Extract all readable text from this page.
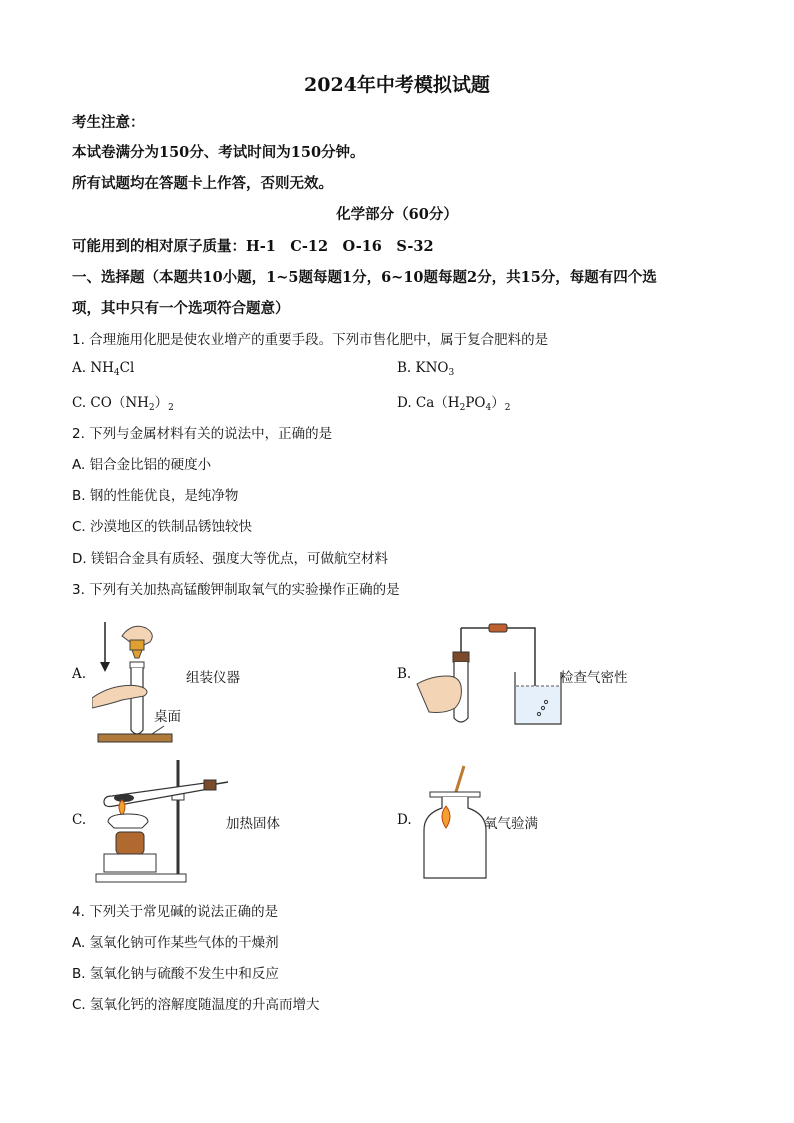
2024年中考模拟试题
考生注意：
本试卷满分为150分、考试时间为150分钟。
所有试题均在答题卡上作答，否则无效。
化学部分（60分）
可能用到的相对原子质量：H-1　C-12　O-16　S-32
一、选择题（本题共10小题，1~5题每题1分，6~10题每题2分，共15分，每题有四个选
项，其中只有一个选项符合题意）
1. 合理施用化肥是使农业增产的重要手段。下列市售化肥中，属于复合肥料的是
A. $NH_4Cl$	B. $KNO_3$
C. $CO(NH_2)_2$	D. $Ca(H_2PO_4)_2$
2. 下列与金属材料有关的说法中，正确的是
A. 铝合金比铝的硬度小
B. 钢的性能优良，是纯净物
C. 沙漠地区的铁制品锈蚀较快
D. 镁铝合金具有质轻、强度大等优点，可做航空材料
3. 下列有关加热高锰酸钾制取氧气的实验操作正确的是
A.	组装仪器
桌面
B.	检查气密性
C.	加热固体	D.	氧气验满
4. 下列关于常见碱的说法正确的是
A. 氢氧化钠可作某些气体的干燥剂
B. 氢氧化钠与硫酸不发生中和反应
C. 氢氧化钙的溶解度随温度的升高而增大
